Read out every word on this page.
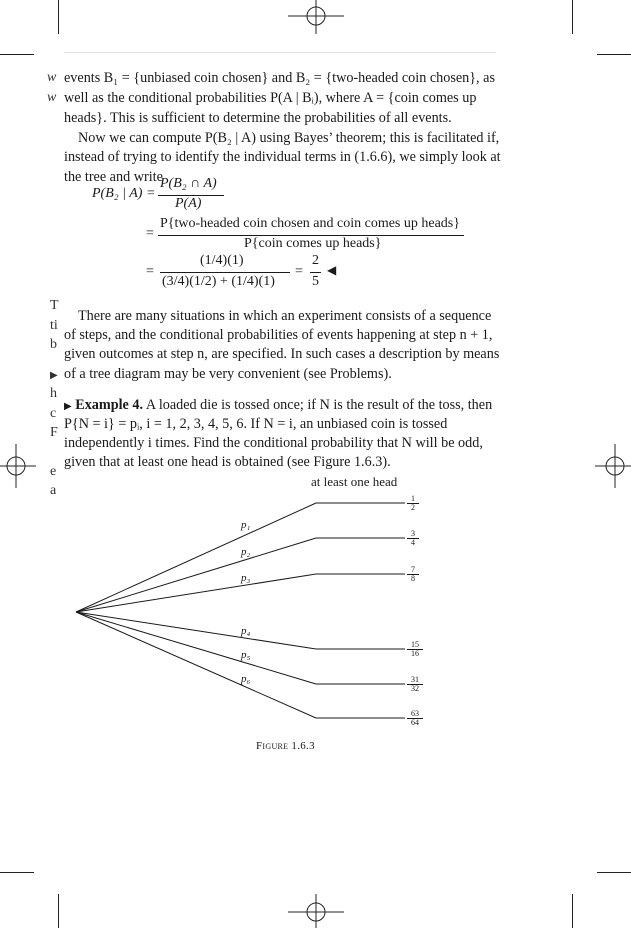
w
w
T
ti
b
▶
h
c
F
e
a
events B₁ = {unbiased coin chosen} and B₂ = {two-headed coin chosen}, as
well as the conditional probabilities P(A | Bᵢ), where A = {coin comes up
heads}. This is sufficient to determine the probabilities of all events.
Now we can compute P(B₂ | A) using Bayes’ theorem; this is facilitated if,
instead of trying to identify the individual terms in (1.6.6), we simply look at
the tree and write
P(B₂ | A) =
P(B₂ ∩ A)
P(A)
=
P{two-headed coin chosen and coin comes up heads}
P{coin comes up heads}
=
(1/4)(1)
(3/4)(1/2) + (1/4)(1)
=
2
5
◀
There are many situations in which an experiment consists of a sequence
of steps, and the conditional probabilities of events happening at step n + 1,
given outcomes at step n, are specified. In such cases a description by means
of a tree diagram may be very convenient (see Problems).
▶ Example 4. A loaded die is tossed once; if N is the result of the toss, then
P{N = i} = pᵢ, i = 1, 2, 3, 4, 5, 6. If N = i, an unbiased coin is tossed
independently i times. Find the conditional probability that N will be odd,
given that at least one head is obtained (see Figure 1.6.3).
at least one head
p₁
p₂
p₃
p₄
p₅
p₆
1
2
3
4
7
8
15
16
31
32
63
64
Figure 1.6.3
